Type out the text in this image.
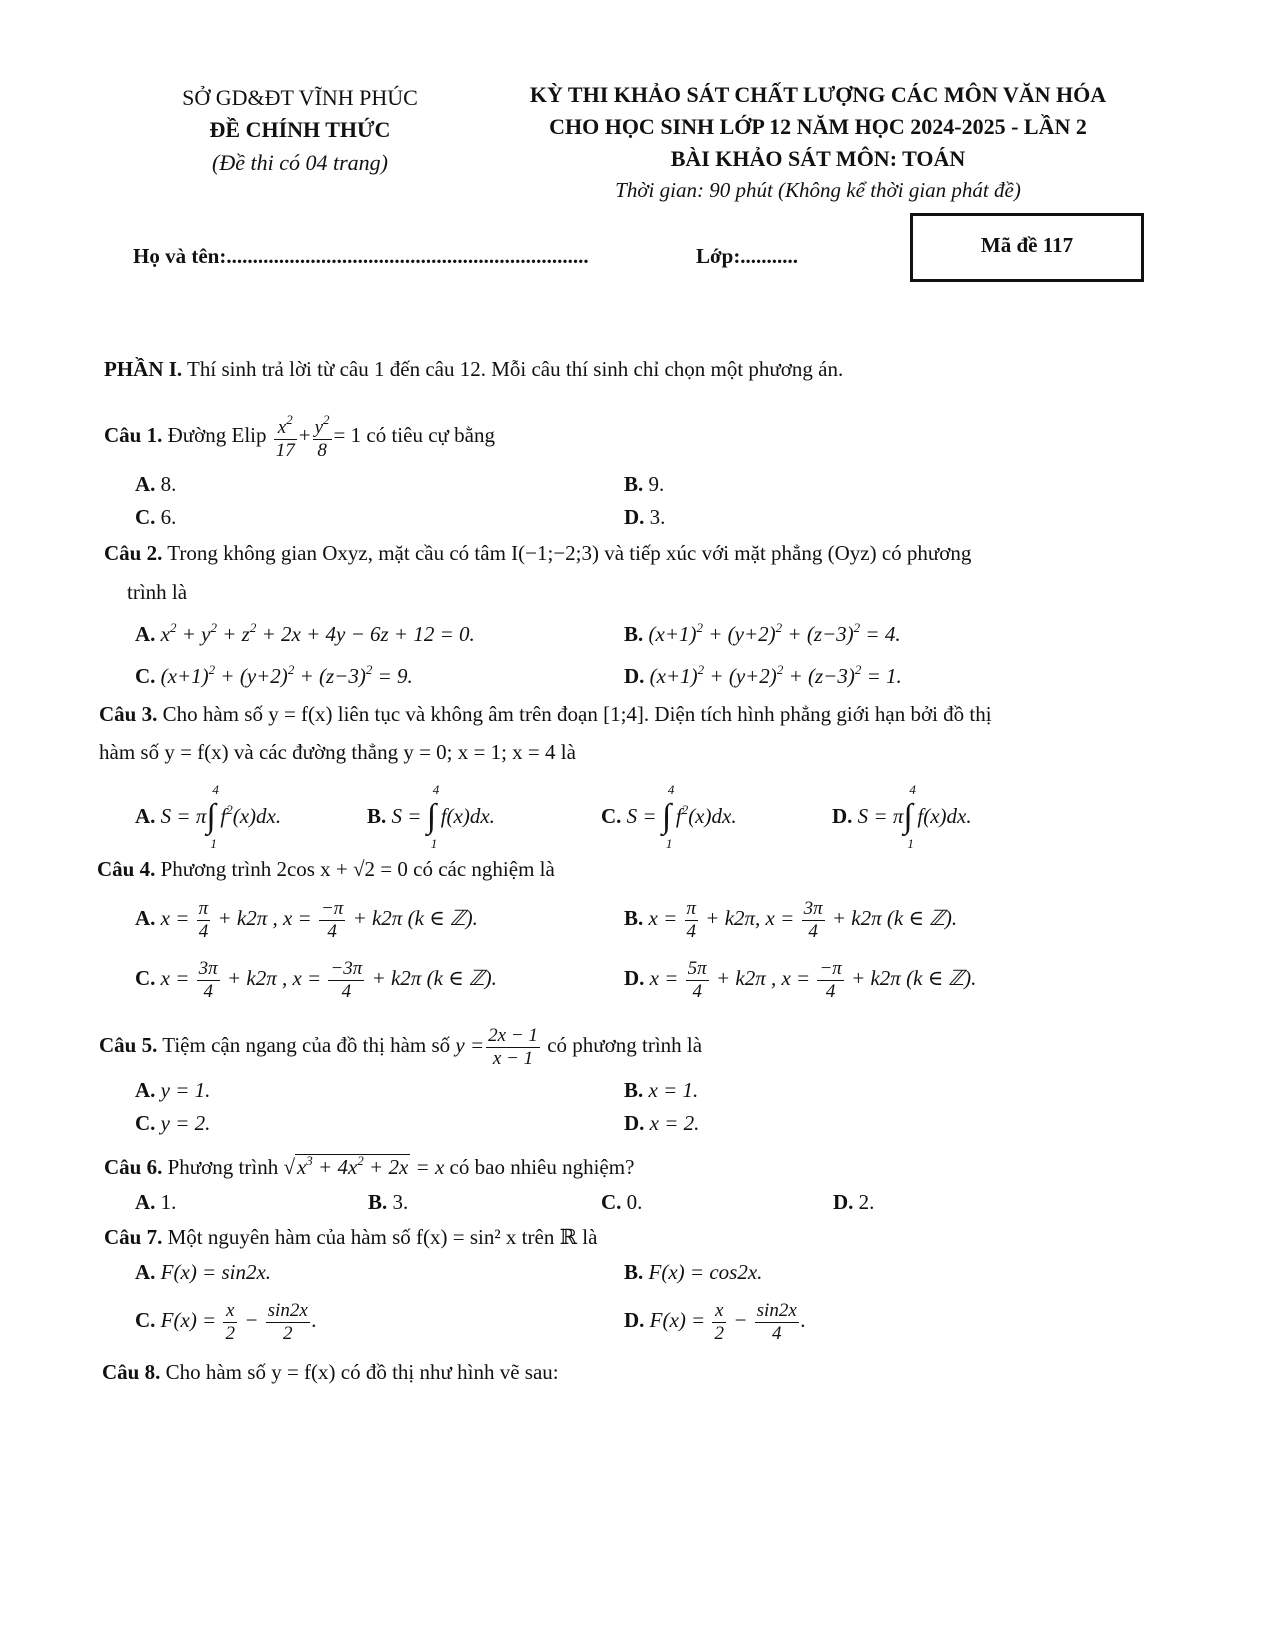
SỞ GD&ĐT VĨNH PHÚC
ĐỀ CHÍNH THỨC
(Đề thi có 04 trang)
KỲ THI KHẢO SÁT CHẤT LƯỢNG CÁC MÔN VĂN HÓA
CHO HỌC SINH LỚP 12 NĂM HỌC 2024-2025 - LẦN 2
BÀI KHẢO SÁT MÔN: TOÁN
Thời gian: 90 phút (Không kể thời gian phát đề)
Họ và tên:.....................................................................	Lớp:...........	Mã đề 117
PHẦN I. Thí sinh trả lời từ câu 1 đến câu 12. Mỗi câu thí sinh chỉ chọn một phương án.
Câu 1. Đường Elip $\frac{x^2}{17} + \frac{y^2}{8} = 1$ có tiêu cự bằng
A. 8.	B. 9.
C. 6.	D. 3.
Câu 2. Trong không gian Oxyz, mặt cầu có tâm I(−1;−2;3) và tiếp xúc với mặt phẳng (Oyz) có phương
trình là
A. $x^2 + y^2 + z^2 + 2x + 4y - 6z + 12 = 0$.	B. $(x+1)^2 + (y+2)^2 + (z-3)^2 = 4$.
C. $(x+1)^2 + (y+2)^2 + (z-3)^2 = 9$.	D. $(x+1)^2 + (y+2)^2 + (z-3)^2 = 1$.
Câu 3. Cho hàm số y = f(x) liên tục và không âm trên đoạn [1;4]. Diện tích hình phẳng giới hạn bởi đồ thị
hàm số y = f(x) và các đường thẳng y = 0; x = 1; x = 4 là
A. S = π ∫
4
1
$f^2(x)dx$.	B. S = ∫
4
1
f(x)dx.	C. S = ∫
4
1
$f^2(x)dx$.	D. S = π ∫
4
1
f(x)dx.
Câu 4. Phương trình 2cos x + √2 = 0 có các nghiệm là
A. $x = \frac{\pi}{4} + k2\pi$ , $x = \frac{-\pi}{4} + k2\pi$ (k ∈ ℤ).	B. $x = \frac{\pi}{4} + k2\pi$, $x = \frac{3\pi}{4} + k2\pi$ (k ∈ ℤ).
C. $x = \frac{3\pi}{4} + k2\pi$ , $x = \frac{-3\pi}{4} + k2\pi$ (k ∈ ℤ).	D. $x = \frac{5\pi}{4} + k2\pi$ , $x = \frac{-\pi}{4} + k2\pi$ (k ∈ ℤ).
Câu 5. Tiệm cận ngang của đồ thị hàm số $y = \frac{2x - 1}{x - 1}$ có phương trình là
A. y = 1.	B. x = 1.
C. y = 2.	D. x = 2.
Câu 6. Phương trình $√x^3 + 4x^2 + 2x = x$ có bao nhiêu nghiệm?
A. 1.	B. 3.	C. 0.	D. 2.
Câu 7. Một nguyên hàm của hàm số f(x) = sin² x trên ℝ là
A. F(x) = sin2x.	B. F(x) = cos2x.
C. $F(x) = \frac{x}{2} - \frac{\sin 2x}{2}$ .	D. $F(x) = \frac{x}{2} - \frac{\sin 2x}{4}$ .
Câu 8. Cho hàm số y = f(x) có đồ thị như hình vẽ sau:
